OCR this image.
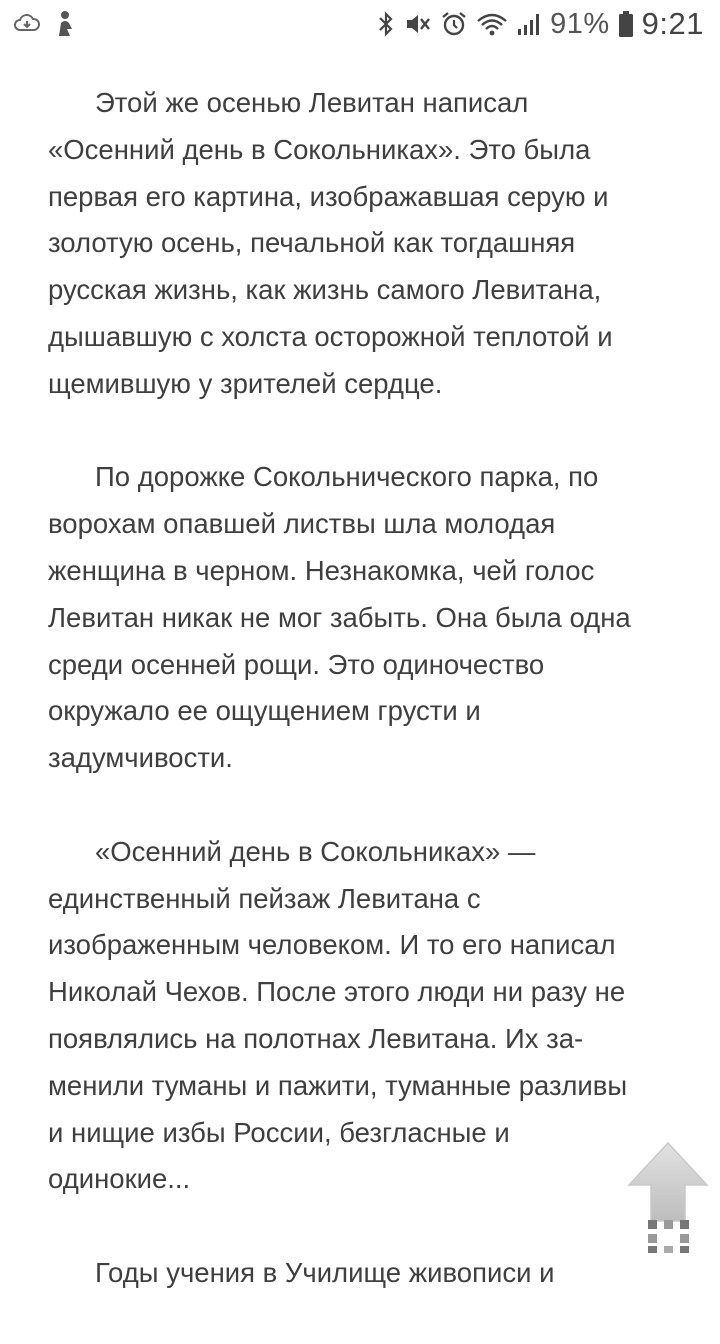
91% 9:21

Этой же осенью Левитан написал
«Осенний день в Сокольниках». Это была
первая его картина, изображавшая серую и
золотую осень, печальной как тогдашняя
русская жизнь, как жизнь самого Левитана,
дышавшую с холста осторожной теплотой и
щемившую у зрителей сердце.

По дорожке Сокольнического парка, по
ворохам опавшей листвы шла молодая
женщина в черном. Незнакомка, чей голос
Левитан никак не мог забыть. Она была одна
среди осенней рощи. Это одиночество
окружало ее ощущением грусти и
задумчивости.

«Осенний день в Сокольниках» —
единственный пейзаж Левитана с
изображенным человеком. И то его написал
Николай Чехов. После этого люди ни разу не
появлялись на полотнах Левитана. Их за-
менили туманы и пажити, туманные разливы
и нищие избы России, безгласные и
одинокие...

Годы учения в Училище живописи и
